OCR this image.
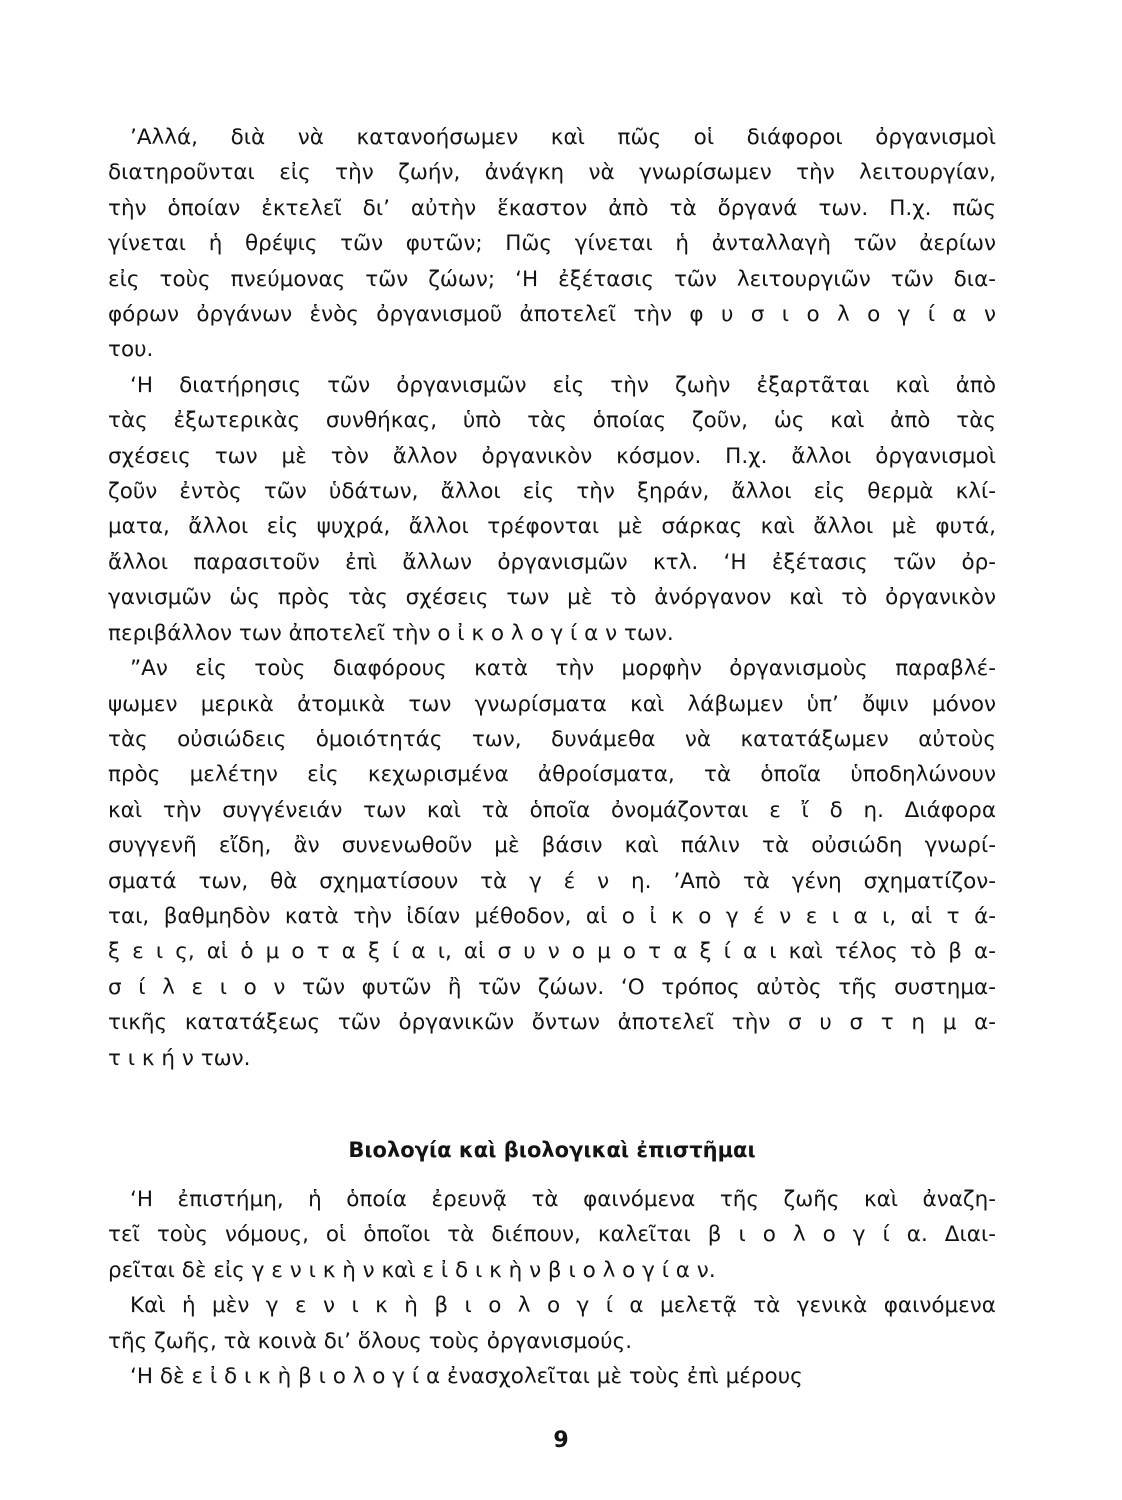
’Αλλά, διὰ νὰ κατανοήσωμεν καὶ πῶς οἱ διάφοροι ὀργανισμοὶ
διατηροῦνται εἰς τὴν ζωήν, ἀνάγκη νὰ γνωρίσωμεν τὴν λειτουργίαν,
τὴν ὁποίαν ἐκτελεῖ δι’ αὐτὴν ἕκαστον ἀπὸ τὰ ὄργανά των. Π.χ. πῶς
γίνεται ἡ θρέψις τῶν φυτῶν; Πῶς γίνεται ἡ ἀνταλλαγὴ τῶν ἀερίων
εἰς τοὺς πνεύμονας τῶν ζώων; ‘Η ἐξέτασις τῶν λειτουργιῶν τῶν δια-
φόρων ὀργάνων ἑνὸς ὀργανισμοῦ ἀποτελεῖ τὴν φ υ σ ι ο λ ο γ ί α ν
του.

‘Η διατήρησις τῶν ὀργανισμῶν εἰς τὴν ζωὴν ἐξαρτᾶται καὶ ἀπὸ
τὰς ἐξωτερικὰς συνθήκας, ὑπὸ τὰς ὁποίας ζοῦν, ὡς καὶ ἀπὸ τὰς
σχέσεις των μὲ τὸν ἄλλον ὀργανικὸν κόσμον. Π.χ. ἄλλοι ὀργανισμοὶ
ζοῦν ἐντὸς τῶν ὑδάτων, ἄλλοι εἰς τὴν ξηράν, ἄλλοι εἰς θερμὰ κλί-
ματα, ἄλλοι εἰς ψυχρά, ἄλλοι τρέφονται μὲ σάρκας καὶ ἄλλοι μὲ φυτά,
ἄλλοι παρασιτοῦν ἐπὶ ἄλλων ὀργανισμῶν κτλ. ‘Η ἐξέτασις τῶν ὀρ-
γανισμῶν ὡς πρὸς τὰς σχέσεις των μὲ τὸ ἀνόργανον καὶ τὸ ὀργανικὸν
περιβάλλον των ἀποτελεῖ τὴν ο ἰ κ ο λ ο γ ί α ν των.

”Αν εἰς τοὺς διαφόρους κατὰ τὴν μορφὴν ὀργανισμοὺς παραβλέ-
ψωμεν μερικὰ ἀτομικὰ των γνωρίσματα καὶ λάβωμεν ὑπ’ ὄψιν μόνον
τὰς οὐσιώδεις ὁμοιότητάς των, δυνάμεθα νὰ κατατάξωμεν αὐτοὺς
πρὸς μελέτην εἰς κεχωρισμένα ἀθροίσματα, τὰ ὁποῖα ὑποδηλώνουν
καὶ τὴν συγγένειάν των καὶ τὰ ὁποῖα ὀνομάζονται ε ἴ δ η. Διάφορα
συγγενῆ εἴδη, ἂν συνενωθοῦν μὲ βάσιν καὶ πάλιν τὰ οὐσιώδη γνωρί-
σματά των, θὰ σχηματίσουν τὰ γ έ ν η. ’Απὸ τὰ γένη σχηματίζον-
ται, βαθμηδὸν κατὰ τὴν ἰδίαν μέθοδον, αἱ ο ἰ κ ο γ έ ν ε ι α ι, αἱ τ ά-
ξ ε ι ς, αἱ ὁ μ ο τ α ξ ί α ι, αἱ σ υ ν ο μ ο τ α ξ ί α ι καὶ τέλος τὸ β α-
σ ί λ ε ι ο ν τῶν φυτῶν ἢ τῶν ζώων. ‘Ο τρόπος αὐτὸς τῆς συστημα-
τικῆς κατατάξεως τῶν ὀργανικῶν ὄντων ἀποτελεῖ τὴν σ υ σ τ η μ α-
τ ι κ ή ν των.

Βιολογία καὶ βιολογικαὶ ἐπιστῆμαι

‘Η ἐπιστήμη, ἡ ὁποία ἐρευνᾷ τὰ φαινόμενα τῆς ζωῆς καὶ ἀναζη-
τεῖ τοὺς νόμους, οἱ ὁποῖοι τὰ διέπουν, καλεῖται β ι ο λ ο γ ί α. Διαι-
ρεῖται δὲ εἰς γ ε ν ι κ ὴ ν καὶ ε ἰ δ ι κ ὴ ν β ι ο λ ο γ ί α ν.

Καὶ ἡ μὲν γ ε ν ι κ ὴ β ι ο λ ο γ ί α μελετᾷ τὰ γενικὰ φαινόμενα
τῆς ζωῆς, τὰ κοινὰ δι’ ὅλους τοὺς ὀργανισμούς.

‘Η δὲ ε ἰ δ ι κ ὴ β ι ο λ ο γ ί α ἐνασχολεῖται μὲ τοὺς ἐπὶ μέρους

9
